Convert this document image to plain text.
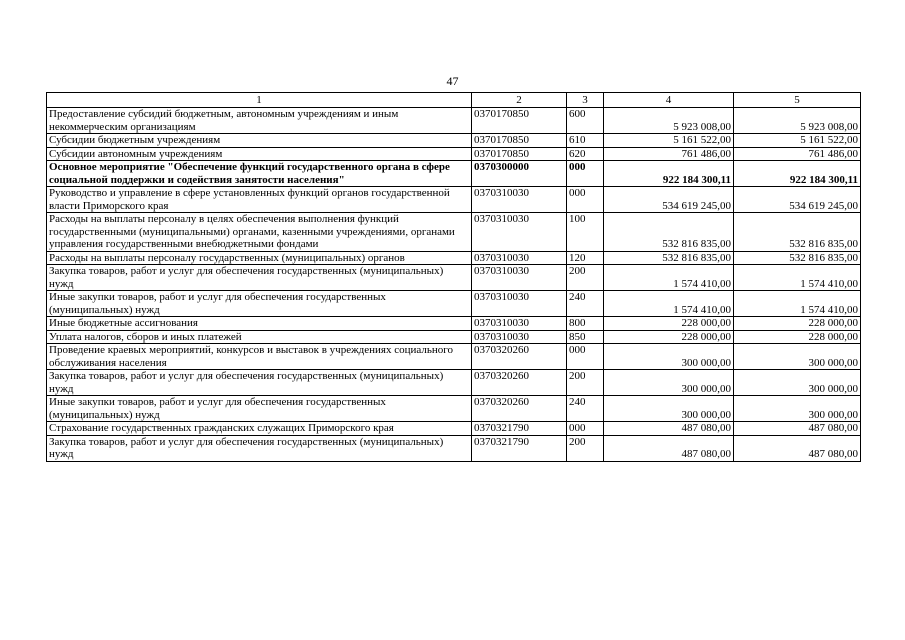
47
1	2	3	4	5
Предоставление субсидий бюджетным, автономным учреждениям и иным некоммерческим организациям	0370170850	600	5 923 008,00	5 923 008,00
Субсидии бюджетным учреждениям	0370170850	610	5 161 522,00	5 161 522,00
Субсидии автономным учреждениям	0370170850	620	761 486,00	761 486,00
Основное мероприятие "Обеспечение функций государственного органа в сфере социальной поддержки и содействия занятости населения"	0370300000	000	922 184 300,11	922 184 300,11
Руководство и управление в сфере установленных функций органов государственной власти Приморского края	0370310030	000	534 619 245,00	534 619 245,00
Расходы на выплаты персоналу в целях обеспечения выполнения функций государственными (муниципальными) органами, казенными учреждениями, органами управления государственными внебюджетными фондами	0370310030	100	532 816 835,00	532 816 835,00
Расходы на выплаты персоналу государственных (муниципальных) органов	0370310030	120	532 816 835,00	532 816 835,00
Закупка товаров, работ и услуг для обеспечения государственных (муниципальных) нужд	0370310030	200	1 574 410,00	1 574 410,00
Иные закупки товаров, работ и услуг для обеспечения государственных (муниципальных) нужд	0370310030	240	1 574 410,00	1 574 410,00
Иные бюджетные ассигнования	0370310030	800	228 000,00	228 000,00
Уплата налогов, сборов и иных платежей	0370310030	850	228 000,00	228 000,00
Проведение краевых мероприятий, конкурсов и выставок в учреждениях социального обслуживания населения	0370320260	000	300 000,00	300 000,00
Закупка товаров, работ и услуг для обеспечения государственных (муниципальных) нужд	0370320260	200	300 000,00	300 000,00
Иные закупки товаров, работ и услуг для обеспечения государственных (муниципальных) нужд	0370320260	240	300 000,00	300 000,00
Страхование государственных гражданских служащих Приморского края	0370321790	000	487 080,00	487 080,00
Закупка товаров, работ и услуг для обеспечения государственных (муниципальных) нужд	0370321790	200	487 080,00	487 080,00
